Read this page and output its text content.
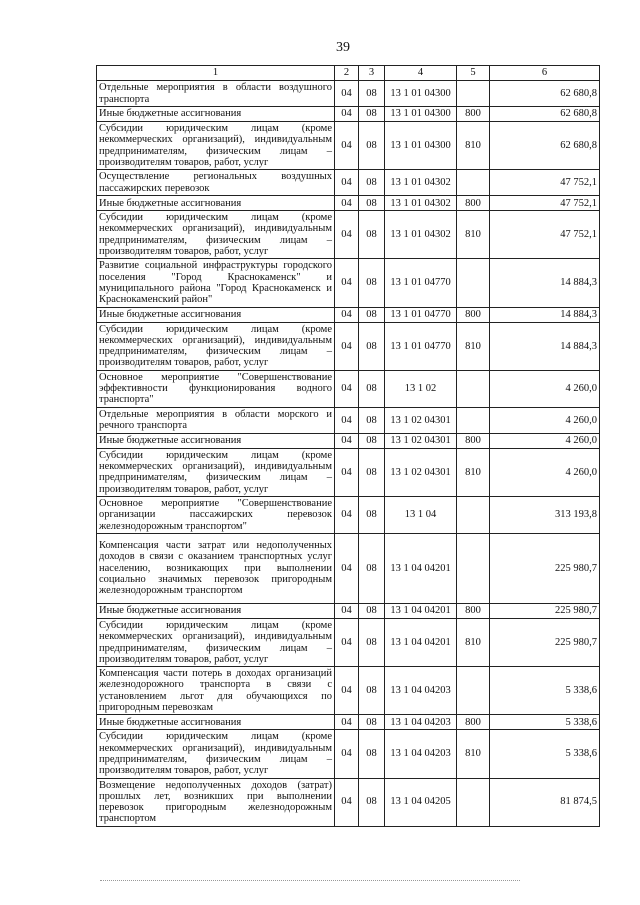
39
1	2	3	4	5	6
Отдельные мероприятия в области воздушного транспорта	04	08	13 1 01 04300		62 680,8
Иные бюджетные ассигнования	04	08	13 1 01 04300	800	62 680,8
Субсидии юридическим лицам (кроме некоммерческих организаций), индивидуальным предпринимателям, физическим лицам – производителям товаров, работ, услуг	04	08	13 1 01 04300	810	62 680,8
Осуществление региональных воздушных пассажирских перевозок	04	08	13 1 01 04302		47 752,1
Иные бюджетные ассигнования	04	08	13 1 01 04302	800	47 752,1
Субсидии юридическим лицам (кроме некоммерческих организаций), индивидуальным предпринимателям, физическим лицам – производителям товаров, работ, услуг	04	08	13 1 01 04302	810	47 752,1
Развитие социальной инфраструктуры городского поселения "Город Краснокаменск" и муниципального района "Город Краснокаменск и Краснокаменский район"	04	08	13 1 01 04770		14 884,3
Иные бюджетные ассигнования	04	08	13 1 01 04770	800	14 884,3
Субсидии юридическим лицам (кроме некоммерческих организаций), индивидуальным предпринимателям, физическим лицам – производителям товаров, работ, услуг	04	08	13 1 01 04770	810	14 884,3
Основное мероприятие "Совершенствование эффективности функционирования водного транспорта"	04	08	13 1 02		4 260,0
Отдельные мероприятия в области морского и речного транспорта	04	08	13 1 02 04301		4 260,0
Иные бюджетные ассигнования	04	08	13 1 02 04301	800	4 260,0
Субсидии юридическим лицам (кроме некоммерческих организаций), индивидуальным предпринимателям, физическим лицам – производителям товаров, работ, услуг	04	08	13 1 02 04301	810	4 260,0
Основное мероприятие "Совершенствование организации пассажирских перевозок железнодорожным транспортом"	04	08	13 1 04		313 193,8
Компенсация части затрат или недополученных доходов в связи с оказанием транспортных услуг населению, возникающих при выполнении социально значимых перевозок пригородным железнодорожным транспортом	04	08	13 1 04 04201		225 980,7
Иные бюджетные ассигнования	04	08	13 1 04 04201	800	225 980,7
Субсидии юридическим лицам (кроме некоммерческих организаций), индивидуальным предпринимателям, физическим лицам – производителям товаров, работ, услуг	04	08	13 1 04 04201	810	225 980,7
Компенсация части потерь в доходах организаций железнодорожного транспорта в связи с установлением льгот для обучающихся по пригородным перевозкам	04	08	13 1 04 04203		5 338,6
Иные бюджетные ассигнования	04	08	13 1 04 04203	800	5 338,6
Субсидии юридическим лицам (кроме некоммерческих организаций), индивидуальным предпринимателям, физическим лицам – производителям товаров, работ, услуг	04	08	13 1 04 04203	810	5 338,6
Возмещение недополученных доходов (затрат) прошлых лет, возникших при выполнении перевозок пригородным железнодорожным транспортом	04	08	13 1 04 04205		81 874,5
